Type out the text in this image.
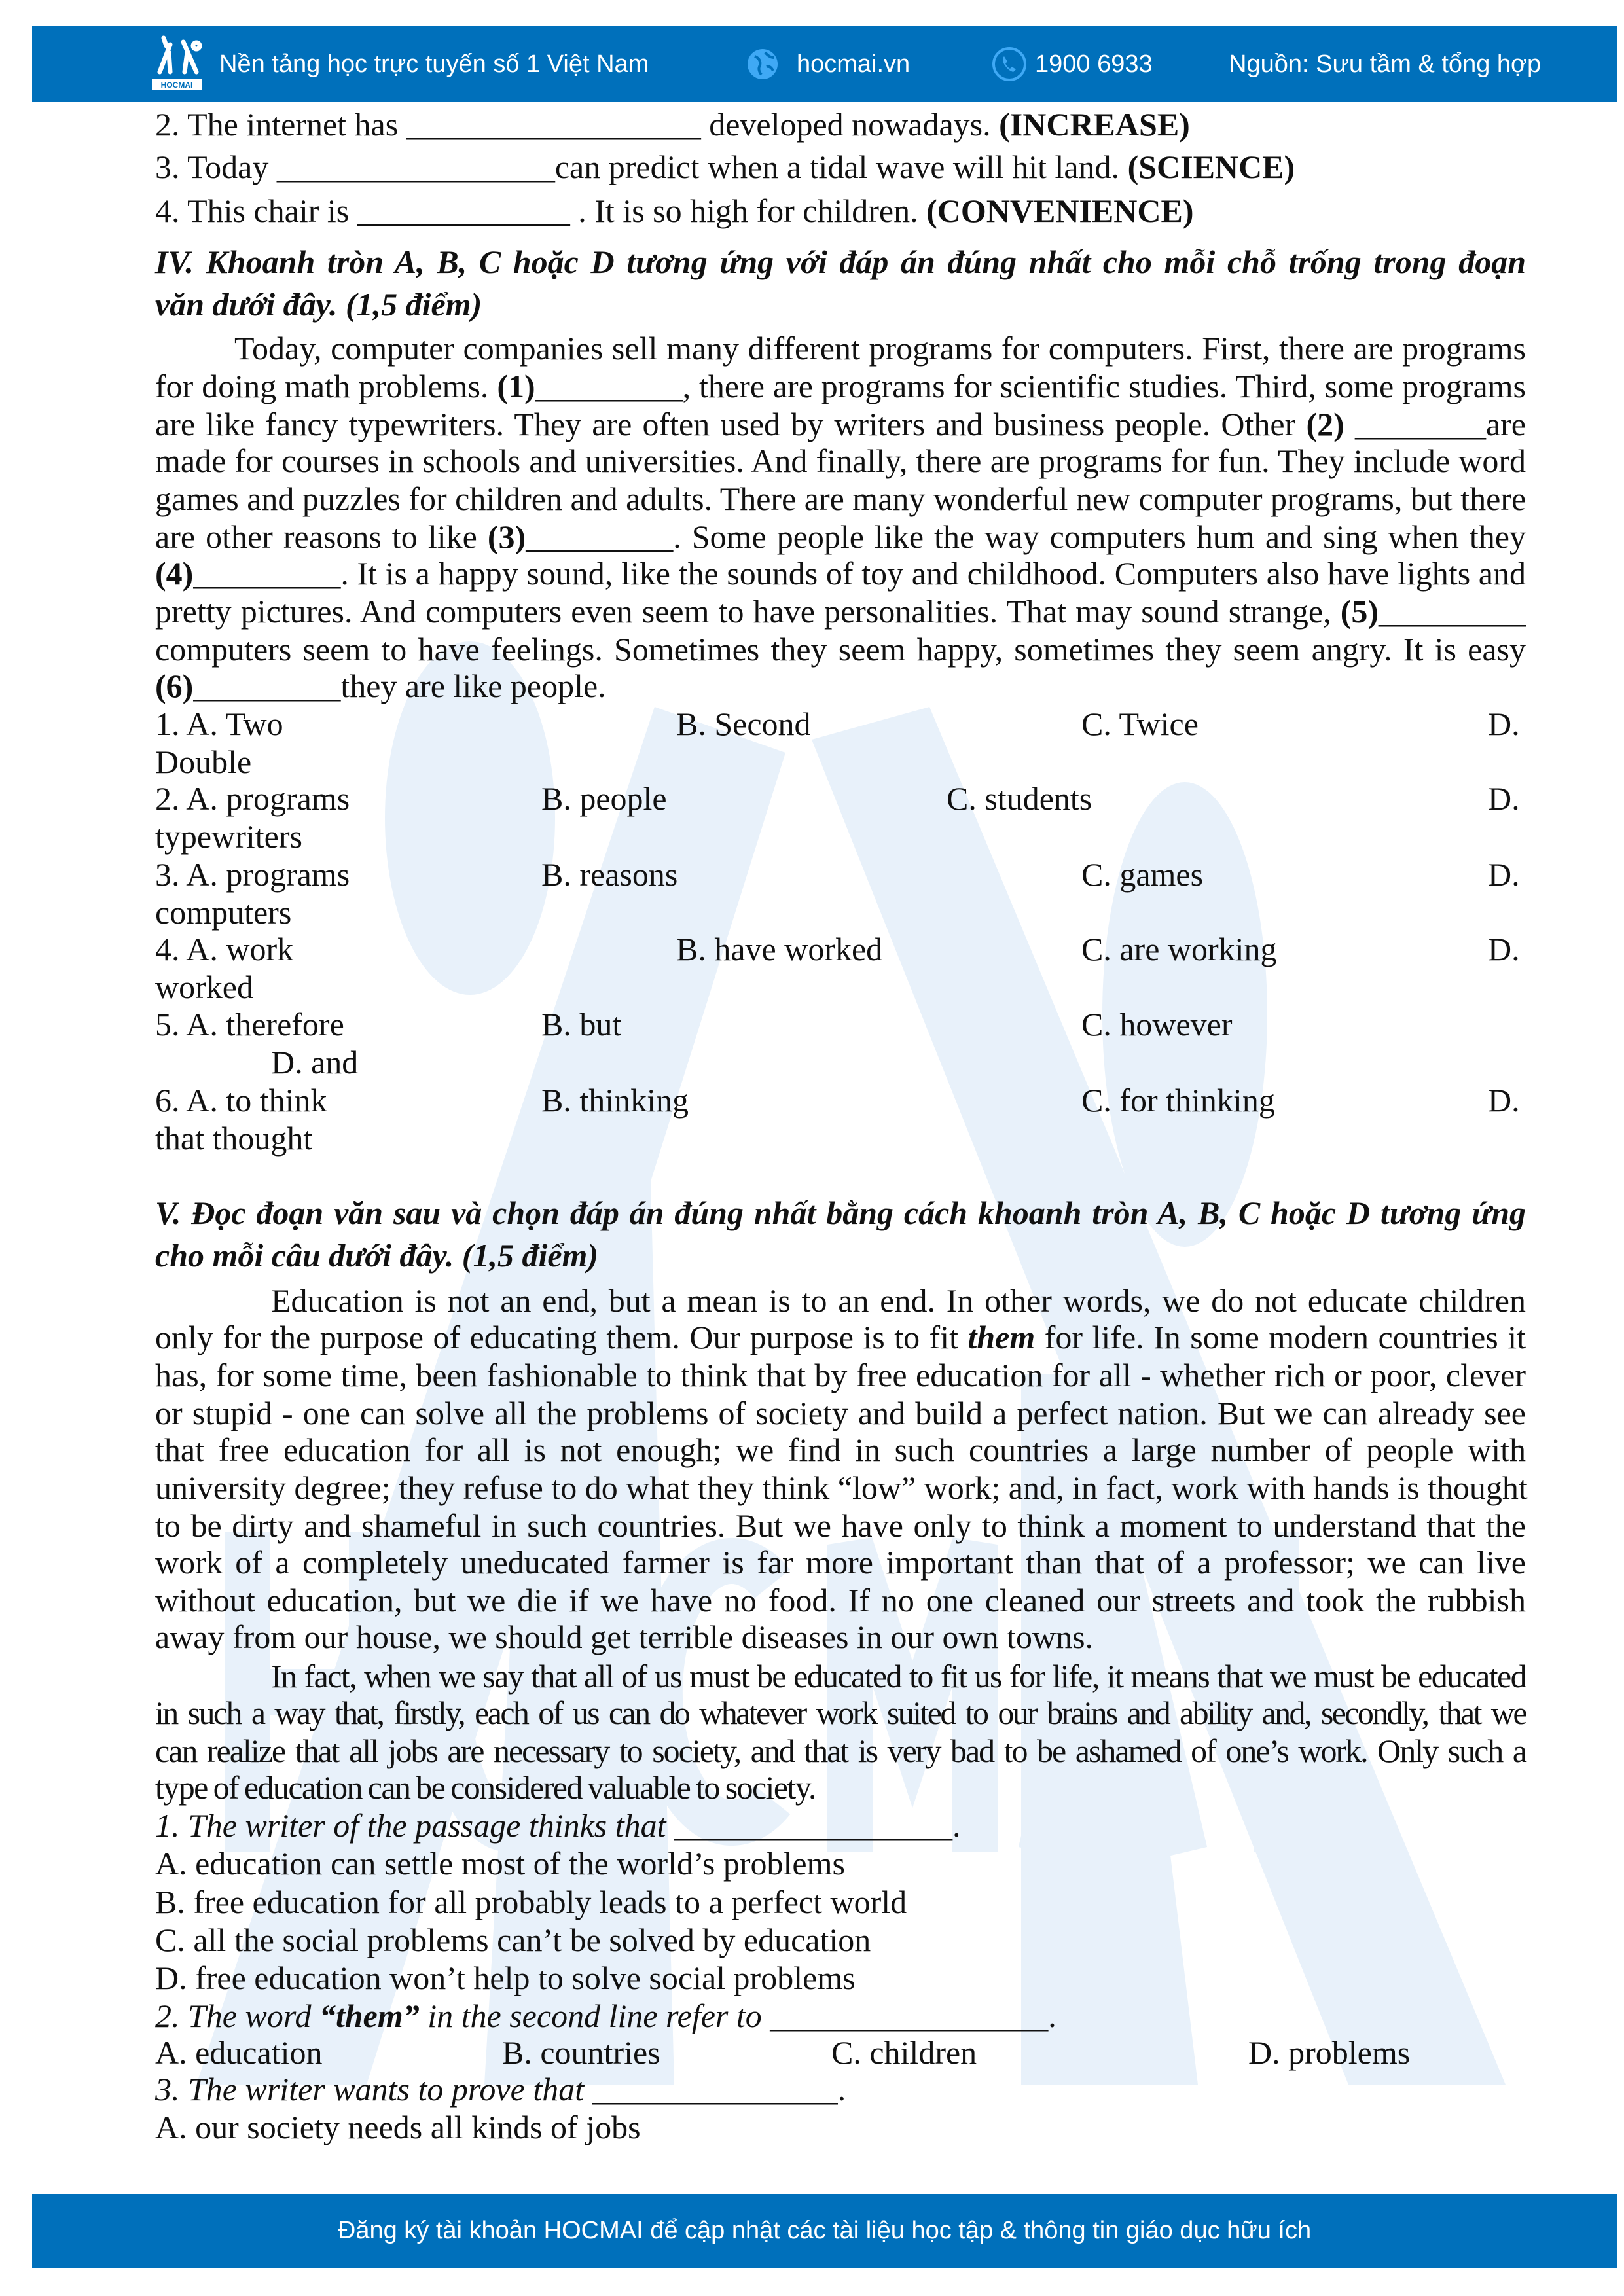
HOCMAI
Nền tảng học trực tuyến số 1 Việt Nam	hocmai.vn	1900 6933	Nguồn: Sưu tầm & tổng hợp
2. The internet has __________________ developed nowadays. (INCREASE)
3. Today _________________can predict when a tidal wave will hit land. (SCIENCE)
4. This chair is _____________ . It is so high for children. (CONVENIENCE)
IV. Khoanh tròn A, B, C hoặc D tương ứng với đáp án đúng nhất cho mỗi chỗ trống trong đoạn
văn dưới đây. (1,5 điểm)
Today, computer companies sell many different programs for computers. First, there are programs
for doing math problems. (1)_________, there are programs for scientific studies. Third, some programs
are like fancy typewriters. They are often used by writers and business people. Other (2) ________are
made for courses in schools and universities. And finally, there are programs for fun. They include word
games and puzzles for children and adults. There are many wonderful new computer programs, but there
are other reasons to like (3)_________. Some people like the way computers hum and sing when they
(4)_________. It is a happy sound, like the sounds of toy and childhood. Computers also have lights and
pretty pictures. And computers even seem to have personalities. That may sound strange, (5)_________
computers seem to have feelings. Sometimes they seem happy, sometimes they seem angry. It is easy
(6)_________they are like people.
1. A. Two	B. Second	C. Twice	D.
Double
2. A. programs	B. people	C. students	D.
typewriters
3. A. programs	B. reasons	C. games	D.
computers
4. A. work	B. have worked	C. are working	D.
worked
5. A. therefore	B. but	C. however
D. and
6. A. to think	B. thinking	C. for thinking	D.
that thought
V. Đọc đoạn văn sau và chọn đáp án đúng nhất bằng cách khoanh tròn A, B, C hoặc D tương ứng
cho mỗi câu dưới đây. (1,5 điểm)
Education is not an end, but a mean is to an end. In other words, we do not educate children
only for the purpose of educating them. Our purpose is to fit them for life. In some modern countries it
has, for some time, been fashionable to think that by free education for all - whether rich or poor, clever
or stupid - one can solve all the problems of society and build a perfect nation. But we can already see
that free education for all is not enough; we find in such countries a large number of people with
university degree; they refuse to do what they think “low” work; and, in fact, work with hands is thought
to be dirty and shameful in such countries. But we have only to think a moment to understand that the
work of a completely uneducated farmer is far more important than that of a professor; we can live
without education, but we die if we have no food. If no one cleaned our streets and took the rubbish
away from our house, we should get terrible diseases in our own towns.
In fact, when we say that all of us must be educated to fit us for life, it means that we must be educated
in such a way that, firstly, each of us can do whatever work suited to our brains and ability and, secondly, that we
can realize that all jobs are necessary to society, and that is very bad to be ashamed of one’s work. Only such a
type of education can be considered valuable to society.
1. The writer of the passage thinks that _________________.
A. education can settle most of the world’s problems
B. free education for all probably leads to a perfect world
C. all the social problems can’t be solved by education
D. free education won’t help to solve social problems
2. The word “them” in the second line refer to _________________.
A. education	B. countries	C. children	D. problems
3. The writer wants to prove that _______________.
A. our society needs all kinds of jobs
Đăng ký tài khoản HOCMAI để cập nhật các tài liệu học tập & thông tin giáo dục hữu ích
